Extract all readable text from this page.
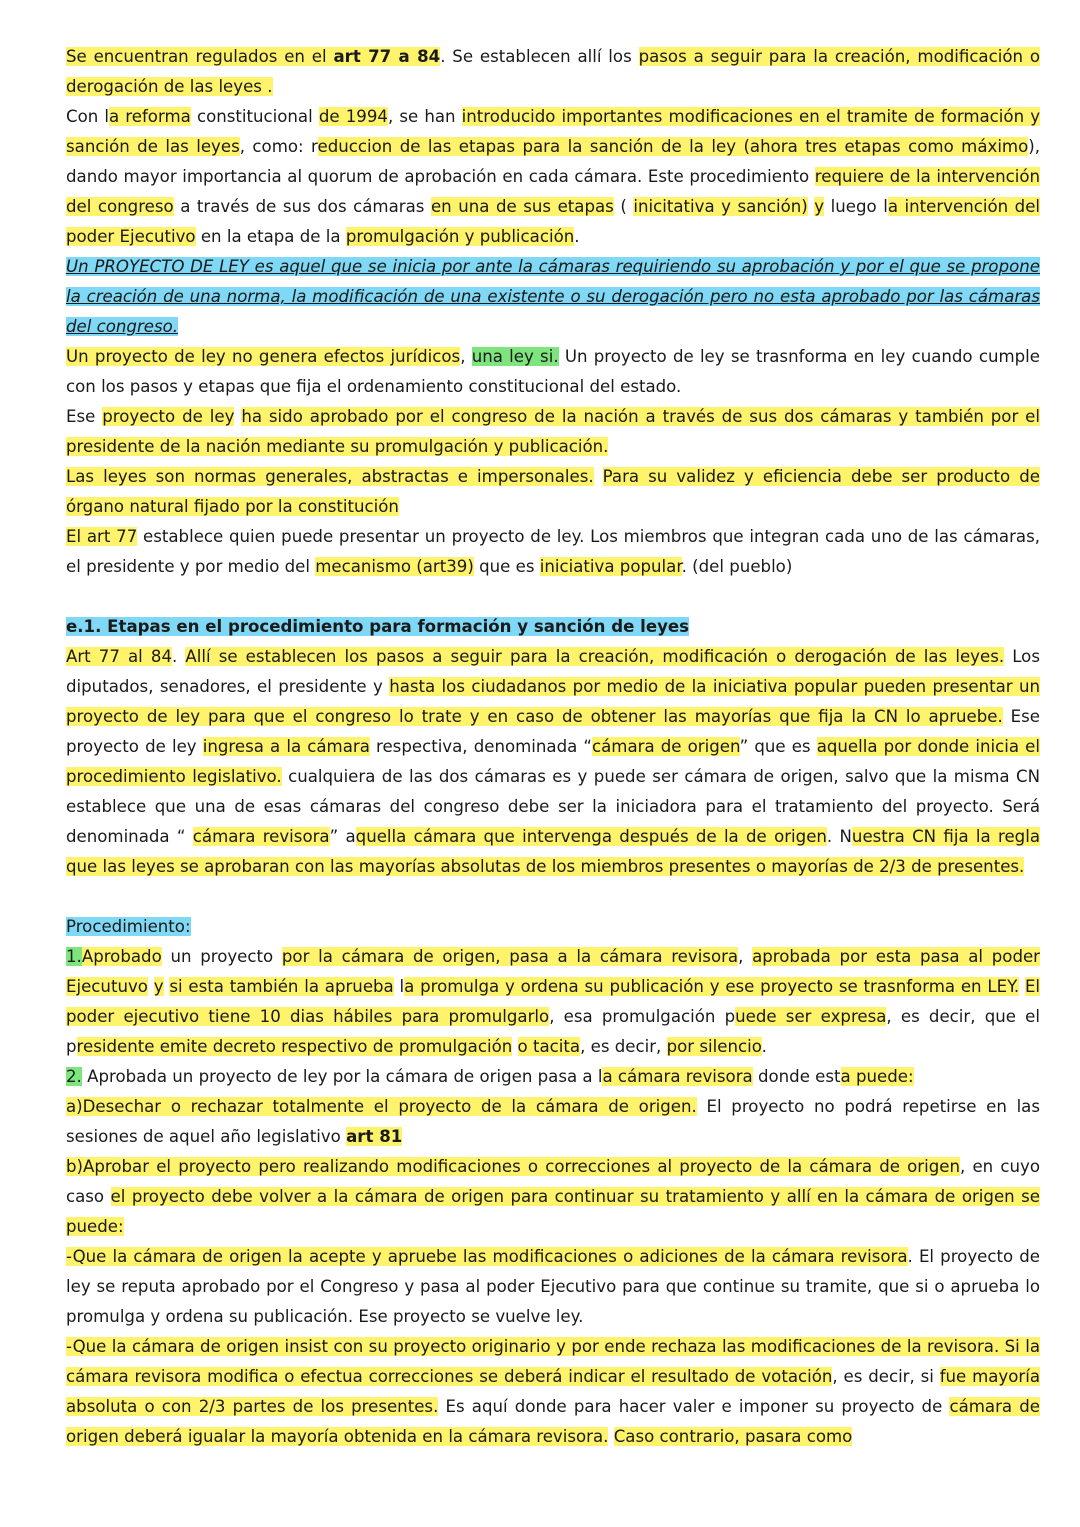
Se encuentran regulados en el art 77 a 84. Se establecen allí los pasos a seguir para la creación, modificación o derogación de las leyes .

Con la reforma constitucional de 1994, se han introducido importantes modificaciones en el tramite de formación y sanción de las leyes, como: reduccion de las etapas para la sanción de la ley (ahora tres etapas como máximo), dando mayor importancia al quorum de aprobación en cada cámara. Este procedimiento requiere de la intervención del congreso a través de sus dos cámaras en una de sus etapas ( inicitativa y sanción) y luego la intervención del poder Ejecutivo en la etapa de la promulgación y publicación.

Un PROYECTO DE LEY es aquel que se inicia por ante la cámaras requiriendo su aprobación y por el que se propone la creación de una norma, la modificación de una existente o su derogación pero no esta aprobado por las cámaras del congreso.

Un proyecto de ley no genera efectos jurídicos, una ley si. Un proyecto de ley se trasnforma en ley cuando cumple con los pasos y etapas que fija el ordenamiento constitucional del estado.

Ese proyecto de ley ha sido aprobado por el congreso de la nación a través de sus dos cámaras y también por el presidente de la nación mediante su promulgación y publicación.

Las leyes son normas generales, abstractas e impersonales. Para su validez y eficiencia debe ser producto de órgano natural fijado por la constitución

El art 77 establece quien puede presentar un proyecto de ley. Los miembros que integran cada uno de las cámaras, el presidente y por medio del mecanismo (art39) que es iniciativa popular. (del pueblo)

e.1. Etapas en el procedimiento para formación y sanción de leyes

Art 77 al 84. Allí se establecen los pasos a seguir para la creación, modificación o derogación de las leyes. Los diputados, senadores, el presidente y hasta los ciudadanos por medio de la iniciativa popular pueden presentar un proyecto de ley para que el congreso lo trate y en caso de obtener las mayorías que fija la CN lo apruebe. Ese proyecto de ley ingresa a la cámara respectiva, denominada “cámara de origen” que es aquella por donde inicia el procedimiento legislativo. cualquiera de las dos cámaras es y puede ser cámara de origen, salvo que la misma CN establece que una de esas cámaras del congreso debe ser la iniciadora para el tratamiento del proyecto. Será denominada “ cámara revisora” aquella cámara que intervenga después de la de origen. Nuestra CN fija la regla que las leyes se aprobaran con las mayorías absolutas de los miembros presentes o mayorías de 2/3 de presentes.

Procedimiento:

1.Aprobado un proyecto por la cámara de origen, pasa a la cámara revisora, aprobada por esta pasa al poder Ejecutuvo y si esta también la aprueba la promulga y ordena su publicación y ese proyecto se trasnforma en LEY. El poder ejecutivo tiene 10 dias hábiles para promulgarlo, esa promulgación puede ser expresa, es decir, que el presidente emite decreto respectivo de promulgación o tacita, es decir, por silencio.

2. Aprobada un proyecto de ley por la cámara de origen pasa a la cámara revisora donde esta puede:

a)Desechar o rechazar totalmente el proyecto de la cámara de origen. El proyecto no podrá repetirse en las sesiones de aquel año legislativo art 81

b)Aprobar el proyecto pero realizando modificaciones o correcciones al proyecto de la cámara de origen, en cuyo caso el proyecto debe volver a la cámara de origen para continuar su tratamiento y allí en la cámara de origen se puede:

-Que la cámara de origen la acepte y apruebe las modificaciones o adiciones de la cámara revisora. El proyecto de ley se reputa aprobado por el Congreso y pasa al poder Ejecutivo para que continue su tramite, que si o aprueba lo promulga y ordena su publicación. Ese proyecto se vuelve ley.

-Que la cámara de origen insist con su proyecto originario y por ende rechaza las modificaciones de la revisora. Si la cámara revisora modifica o efectua correcciones se deberá indicar el resultado de votación, es decir, si fue mayoría absoluta o con 2/3 partes de los presentes. Es aquí donde para hacer valer e imponer su proyecto de cámara de origen deberá igualar la mayoría obtenida en la cámara revisora. Caso contrario, pasara como
